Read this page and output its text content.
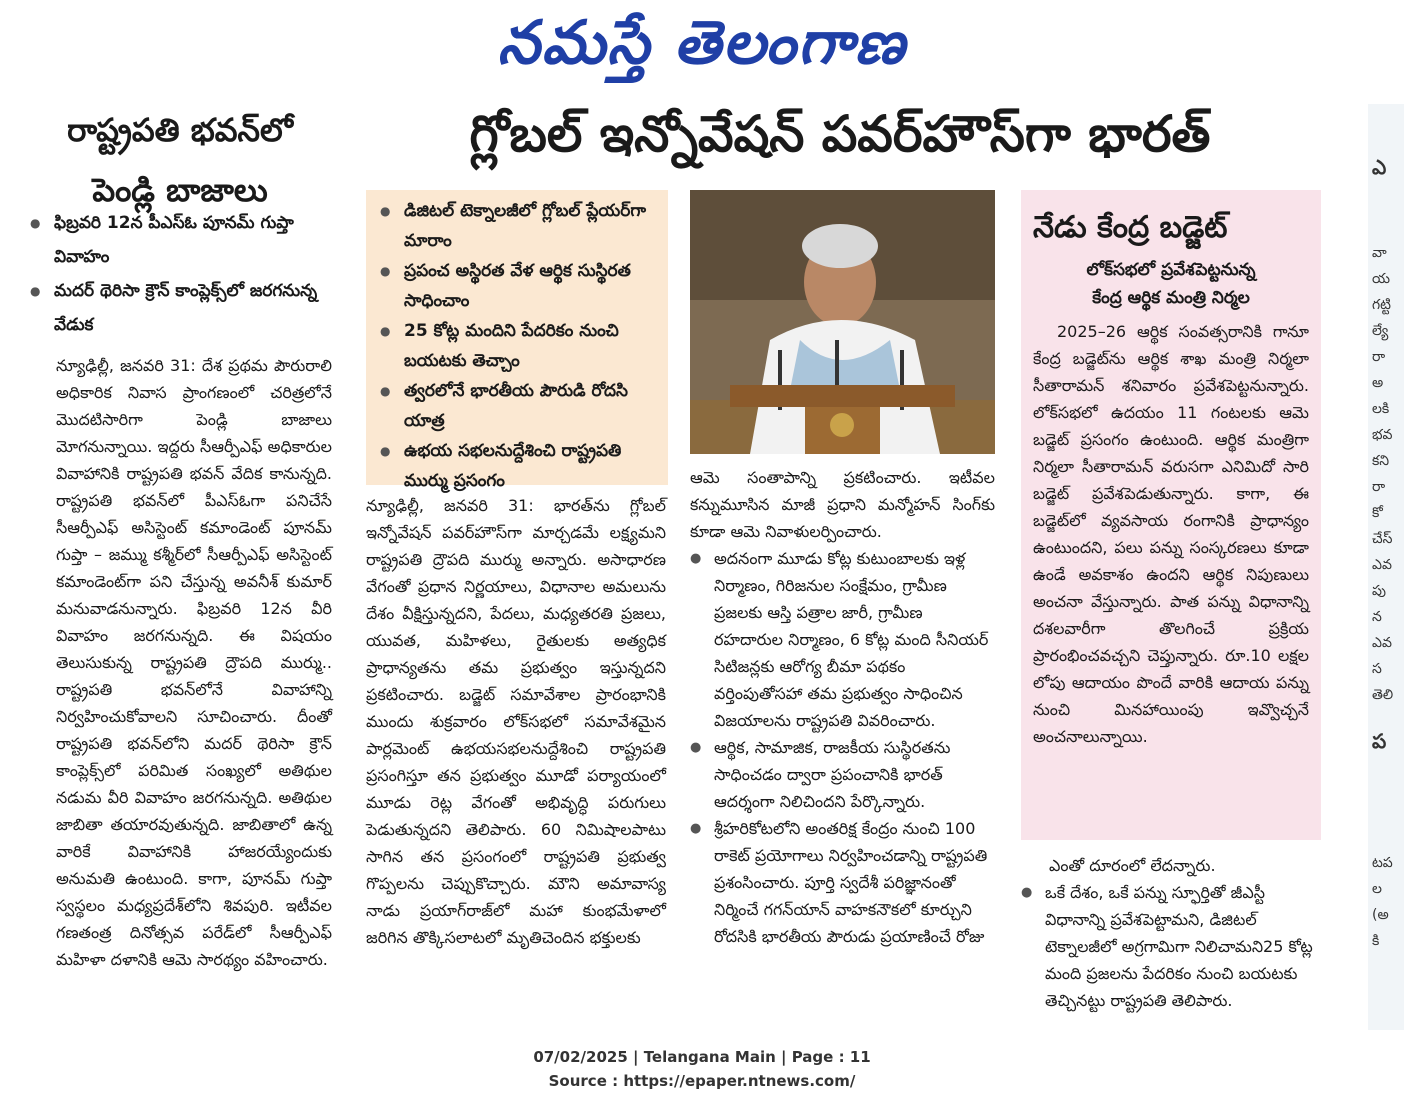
నమస్తే తెలంగాణ
రాష్ట్రపతి భవన్‌లో
పెండ్లి బాజాలు
● ఫిబ్రవరి 12న పీఎస్‌ఓ పూనమ్ గుప్తా వివాహం
● మదర్ థెరిసా క్రౌన్ కాంప్లెక్స్‌లో జరగనున్న వేడుక

న్యూఢిల్లీ, జనవరి 31: దేశ ప్రథమ పౌరురాలి అధికారిక నివాస ప్రాంగణంలో చరిత్రలోనే మొదటిసారిగా పెండ్లి బాజాలు మోగనున్నాయి. ఇద్దరు సీఆర్పీఎఫ్ అధికారుల వివాహానికి రాష్ట్రపతి భవన్ వేదిక కానున్నది. రాష్ట్రపతి భవన్‌లో పీఎస్‌ఓగా పనిచేసే సీఆర్పీఎఫ్ అసిస్టెంట్ కమాండెంట్ పూనమ్ గుప్తా – జమ్ము కశ్మీర్‌లో సీఆర్పీఎఫ్ అసిస్టెంట్ కమాండెంట్‌గా పని చేస్తున్న అవనీశ్ కుమార్ మనువాడనున్నారు. ఫిబ్రవరి 12న వీరి వివాహం జరగనున్నది. ఈ విషయం తెలుసుకున్న రాష్ట్రపతి ద్రౌపది ముర్ము.. రాష్ట్రపతి భవన్‌లోనే వివాహాన్ని నిర్వహించుకోవాలని సూచించారు. దీంతో రాష్ట్రపతి భవన్‌లోని మదర్ థెరిసా క్రౌన్ కాంప్లెక్స్‌లో పరిమిత సంఖ్యలో అతిథుల నడుమ వీరి వివాహం జరగనున్నది. అతిథుల జాబితా తయారవుతున్నది. జాబితాలో ఉన్న వారికే వివాహానికి హాజరయ్యేందుకు అనుమతి ఉంటుంది. కాగా, పూనమ్ గుప్తా స్వస్థలం మధ్యప్రదేశ్‌లోని శివపురి. ఇటీవల గణతంత్ర దినోత్సవ పరేడ్‌లో సీఆర్పీఎఫ్ మహిళా దళానికి ఆమె సారథ్యం వహించారు.

గ్లోబల్ ఇన్నోవేషన్ పవర్‌హౌస్‌గా భారత్
● డిజిటల్ టెక్నాలజీలో గ్లోబల్ ప్లేయర్‌గా మారాం
● ప్రపంచ అస్థిరత వేళ ఆర్థిక సుస్థిరత సాధించాం
● 25 కోట్ల మందిని పేదరికం నుంచి బయటకు తెచ్చాం
● త్వరలోనే భారతీయ పౌరుడి రోదసి యాత్ర
● ఉభయ సభలనుద్దేశించి రాష్ట్రపతి ముర్ము ప్రసంగం

న్యూఢిల్లీ, జనవరి 31: భారత్‌ను గ్లోబల్ ఇన్నోవేషన్ పవర్‌హౌస్‌గా మార్చడమే లక్ష్యమని రాష్ట్రపతి ద్రౌపది ముర్ము అన్నారు. అసాధారణ వేగంతో ప్రధాన నిర్ణయాలు, విధానాల అమలును దేశం వీక్షిస్తున్నదని, పేదలు, మధ్యతరతి ప్రజలు, యువత, మహిళలు, రైతులకు అత్యధిక ప్రాధాన్యతను తమ ప్రభుత్వం ఇస్తున్నదని ప్రకటించారు. బడ్జెట్ సమావేశాల ప్రారంభానికి ముందు శుక్రవారం లోక్‌సభలో సమావేశమైన పార్లమెంట్ ఉభయసభలనుద్దేశించి రాష్ట్రపతి ప్రసంగిస్తూ తన ప్రభుత్వం మూడో పర్యాయంలో మూడు రెట్ల వేగంతో అభివృద్ధి పరుగులు పెడుతున్నదని తెలిపారు. 60 నిమిషాలపాటు సాగిన తన ప్రసంగంలో రాష్ట్రపతి ప్రభుత్వ గొప్పలను చెప్పుకొచ్చారు. మౌని అమావాస్య నాడు ప్రయాగ్‌రాజ్‌లో మహా కుంభమేళాలో జరిగిన తొక్కిసలాటలో మృతిచెందిన భక్తులకు

ఆమె సంతాపాన్ని ప్రకటించారు. ఇటీవల కన్నుమూసిన మాజీ ప్రధాని మన్మోహన్ సింగ్‌కు కూడా ఆమె నివాళులర్పించారు.

● అదనంగా మూడు కోట్ల కుటుంబాలకు ఇళ్ల నిర్మాణం, గిరిజనుల సంక్షేమం, గ్రామీణ ప్రజలకు ఆస్తి పత్రాల జారీ, గ్రామీణ రహదారుల నిర్మాణం, 6 కోట్ల మంది సీనియర్ సిటిజన్లకు ఆరోగ్య బీమా పథకం వర్తింపుతోసహా తమ ప్రభుత్వం సాధించిన విజయాలను రాష్ట్రపతి వివరించారు.
● ఆర్థిక, సామాజిక, రాజకీయ సుస్థిరతను సాధించడం ద్వారా ప్రపంచానికి భారత్ ఆదర్శంగా నిలిచిందని పేర్కొన్నారు.
● శ్రీహరికోటలోని అంతరిక్ష కేంద్రం నుంచి 100 రాకెట్ ప్రయోగాలు నిర్వహించడాన్ని రాష్ట్రపతి ప్రశంసించారు. పూర్తి స్వదేశీ పరిజ్ఞానంతో నిర్మించే గగన్‌యాన్ వాహకనౌకలో కూర్చుని రోదసికి భారతీయ పౌరుడు ప్రయాణించే రోజు
నేడు కేంద్ర బడ్జెట్
లోక్‌సభలో ప్రవేశపెట్టనున్న
కేంద్ర ఆర్థిక మంత్రి నిర్మల

2025–26 ఆర్థిక సంవత్సరానికి గానూ కేంద్ర బడ్జెట్‌ను ఆర్థిక శాఖ మంత్రి నిర్మలా సీతారామన్ శనివారం ప్రవేశపెట్టనున్నారు. లోక్‌సభలో ఉదయం 11 గంటలకు ఆమె బడ్జెట్ ప్రసంగం ఉంటుంది. ఆర్థిక మంత్రిగా నిర్మలా సీతారామన్ వరుసగా ఎనిమిదో సారి బడ్జెట్ ప్రవేశపెడుతున్నారు. కాగా, ఈ బడ్జెట్‌లో వ్యవసాయ రంగానికి ప్రాధాన్యం ఉంటుందని, పలు పన్ను సంస్కరణలు కూడా ఉండే అవకాశం ఉందని ఆర్థిక నిపుణులు అంచనా వేస్తున్నారు. పాత పన్ను విధానాన్ని దశలవారీగా తొలగించే ప్రక్రియ ప్రారంభించవచ్చని చెప్తున్నారు. రూ.10 లక్షల లోపు ఆదాయం పొందే వారికి ఆదాయ పన్ను నుంచి మినహాయింపు ఇవ్వొచ్చనే అంచనాలున్నాయి.

ఎంతో దూరంలో లేదన్నారు.

● ఒకే దేశం, ఒకే పన్ను స్ఫూర్తితో జీఎస్టీ విధానాన్ని ప్రవేశపెట్టామని, డిజిటల్ టెక్నాలజీలో అగ్రగామిగా నిలిచామని25 కోట్ల మంది ప్రజలను పేదరికం నుంచి బయటకు తెచ్చినట్టు రాష్ట్రపతి తెలిపారు.
ఎ
వా
య
గట్టి
ల్యే
రా
అ
లకి
భవ
కని
రా
కో
చేస్
ఎవ
పు
న
ఎవ
స
తెలి
ప
టప
ల
(అ
కి
07/02/2025 | Telangana Main | Page : 11
Source : https://epaper.ntnews.com/
